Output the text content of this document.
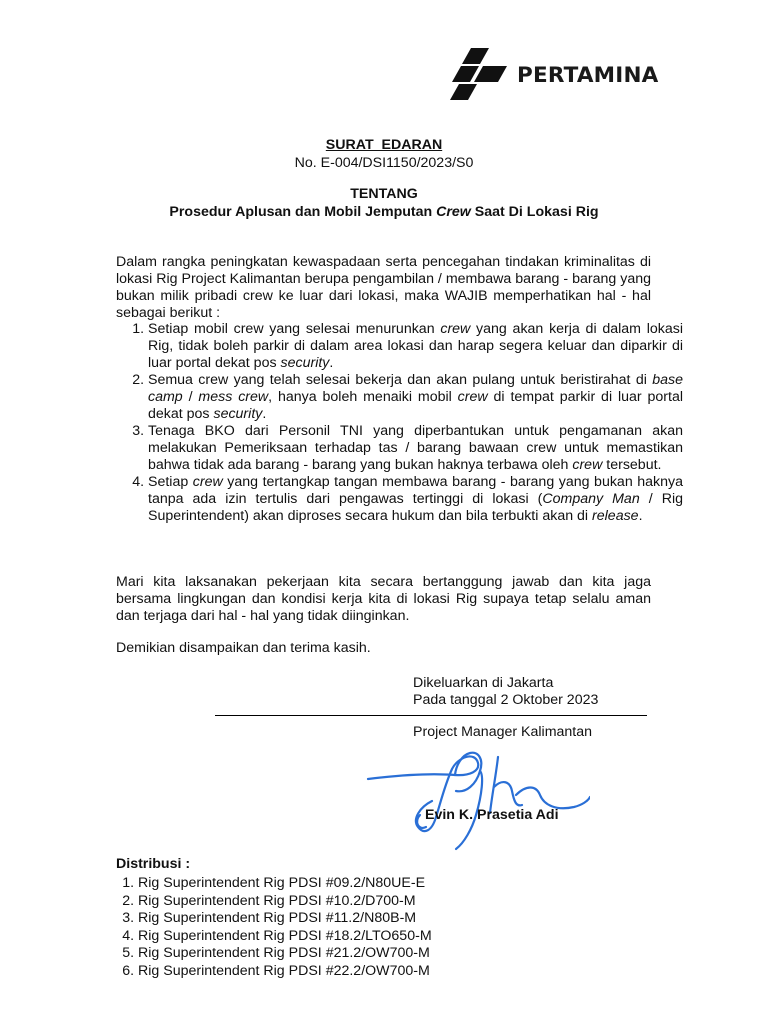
PERTAMINA
SURAT  EDARAN
No. E-004/DSI1150/2023/S0
TENTANG
Prosedur Aplusan dan Mobil Jemputan Crew Saat Di Lokasi Rig

Dalam rangka peningkatan kewaspadaan serta pencegahan tindakan kriminalitas di lokasi Rig Project Kalimantan berupa pengambilan / membawa barang - barang yang bukan milik pribadi crew ke luar dari lokasi, maka WAJIB memperhatikan hal - hal sebagai berikut :

1. Setiap mobil crew yang selesai menurunkan crew yang akan kerja di dalam lokasi Rig, tidak boleh parkir di dalam area lokasi dan harap segera keluar dan diparkir di luar portal dekat pos security.
2. Semua crew yang telah selesai bekerja dan akan pulang untuk beristirahat di base camp / mess crew, hanya boleh menaiki mobil crew di tempat parkir di luar portal dekat pos security.
3. Tenaga BKO dari Personil TNI yang diperbantukan untuk pengamanan akan melakukan Pemeriksaan terhadap tas / barang bawaan crew untuk memastikan bahwa tidak ada barang - barang yang bukan haknya terbawa oleh crew tersebut.
4. Setiap crew yang tertangkap tangan membawa barang - barang yang bukan haknya tanpa ada izin tertulis dari pengawas tertinggi di lokasi (Company Man / Rig Superintendent) akan diproses secara hukum dan bila terbukti akan di release.

Mari kita laksanakan pekerjaan kita secara bertanggung jawab dan kita jaga bersama lingkungan dan kondisi kerja kita di lokasi Rig supaya tetap selalu aman dan terjaga dari hal - hal yang tidak diinginkan.

Demikian disampaikan dan terima kasih.

Dikeluarkan di Jakarta
Pada tanggal 2 Oktober 2023
Project Manager Kalimantan
Evin K. Prasetia Adi
Distribusi :
1. Rig Superintendent Rig PDSI #09.2/N80UE-E
2. Rig Superintendent Rig PDSI #10.2/D700-M
3. Rig Superintendent Rig PDSI #11.2/N80B-M
4. Rig Superintendent Rig PDSI #18.2/LTO650-M
5. Rig Superintendent Rig PDSI #21.2/OW700-M
6. Rig Superintendent Rig PDSI #22.2/OW700-M
